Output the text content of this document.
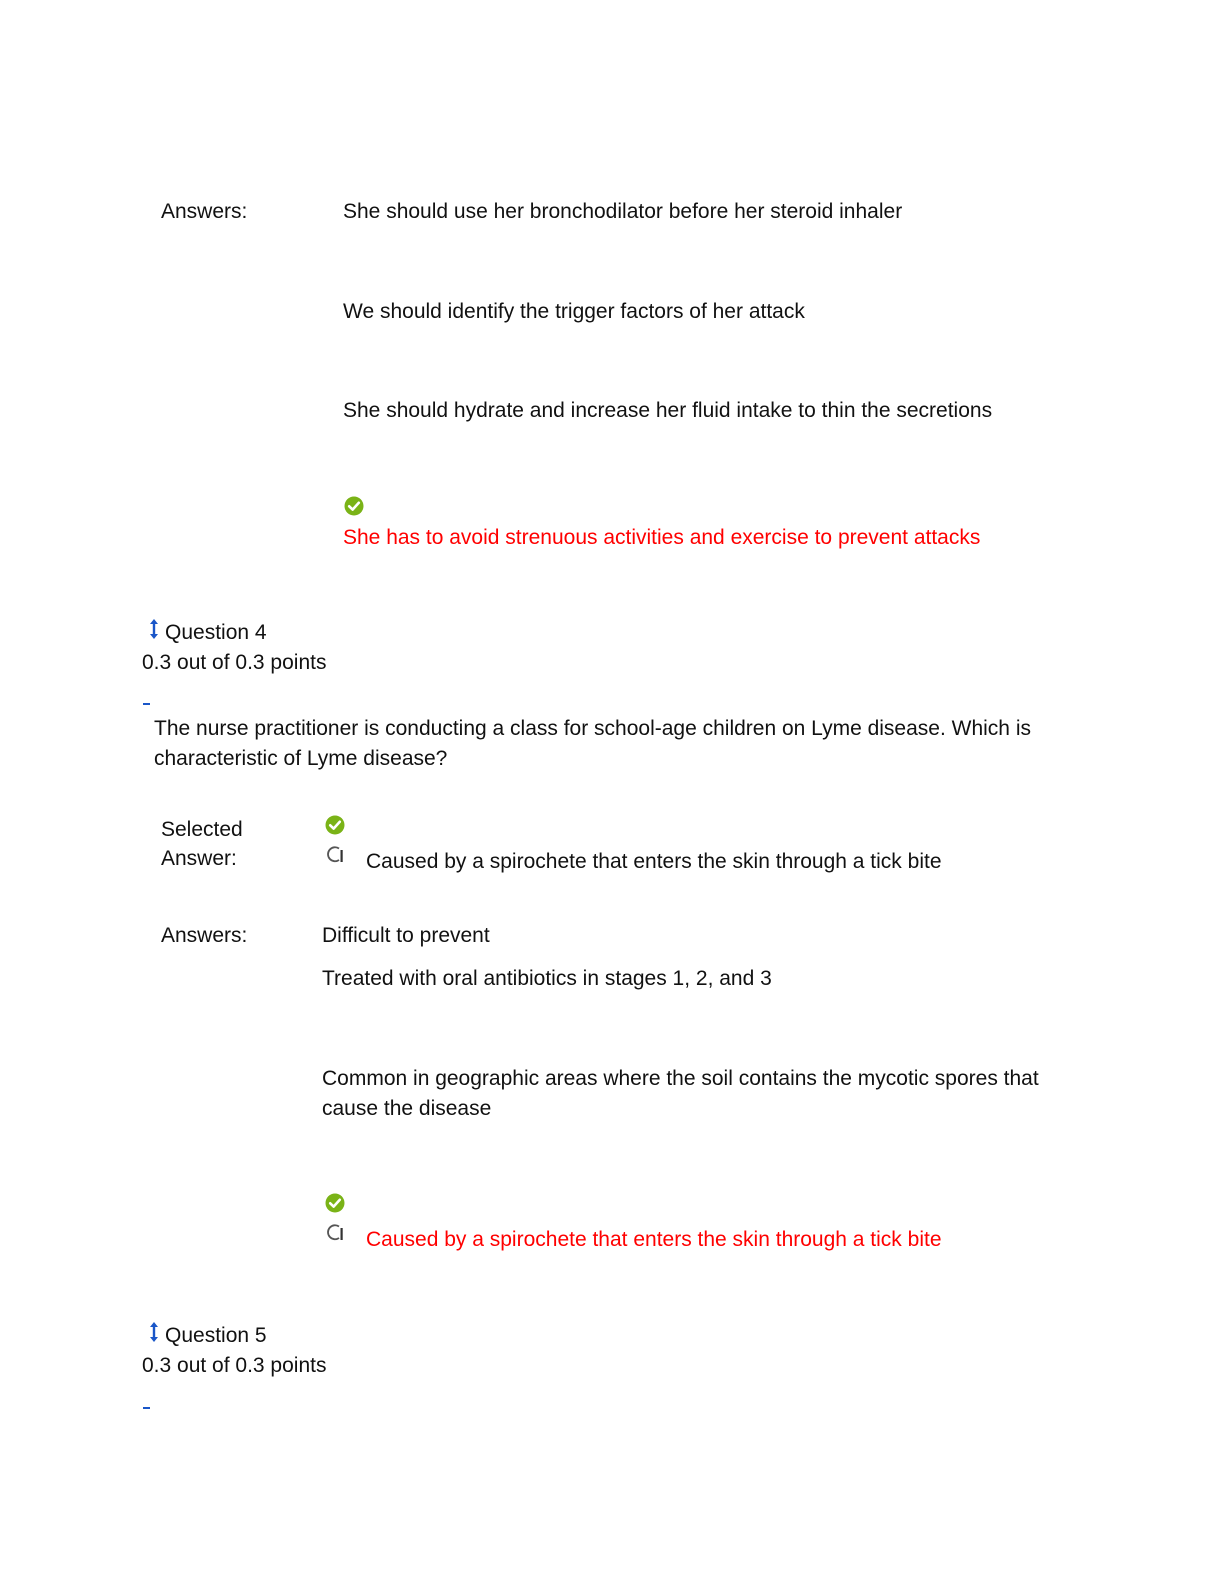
Answers:	She should use her bronchodilator before her steroid inhaler
We should identify the trigger factors of her attack
She should hydrate and increase her fluid intake to thin the secretions
She has to avoid strenuous activities and exercise to prevent attacks
Question 4
0.3 out of 0.3 points
The nurse practitioner is conducting a class for school-age children on Lyme disease. Which is characteristic of Lyme disease?
Selected
Answer:	Caused by a spirochete that enters the skin through a tick bite
Answers:	Difficult to prevent
Treated with oral antibiotics in stages 1, 2, and 3
Common in geographic areas where the soil contains the mycotic spores that cause the disease
Caused by a spirochete that enters the skin through a tick bite
Question 5
0.3 out of 0.3 points
